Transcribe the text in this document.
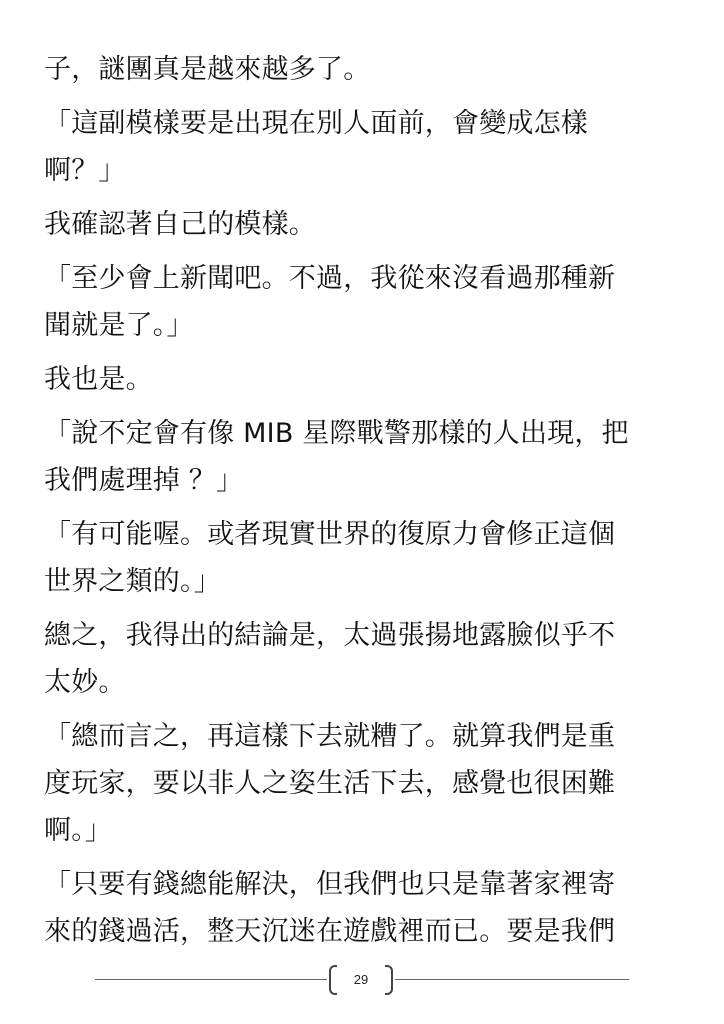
子，謎團真是越來越多了。
「這副模樣要是出現在別人面前，會變成怎樣
啊？」
我確認著自己的模樣。
「至少會上新聞吧。不過，我從來沒看過那種新
聞就是了。」
我也是。
「說不定會有像 MIB 星際戰警那樣的人出現，把
我們處理掉 ？」
「有可能喔。或者現實世界的復原力會修正這個
世界之類的。」
總之，我得出的結論是，太過張揚地露臉似乎不
太妙。
「總而言之，再這樣下去就糟了。就算我們是重
度玩家，要以非人之姿生活下去，感覺也很困難
啊。」
「只要有錢總能解決，但我們也只是靠著家裡寄
來的錢過活，整天沉迷在遊戲裡而已。要是我們
29
